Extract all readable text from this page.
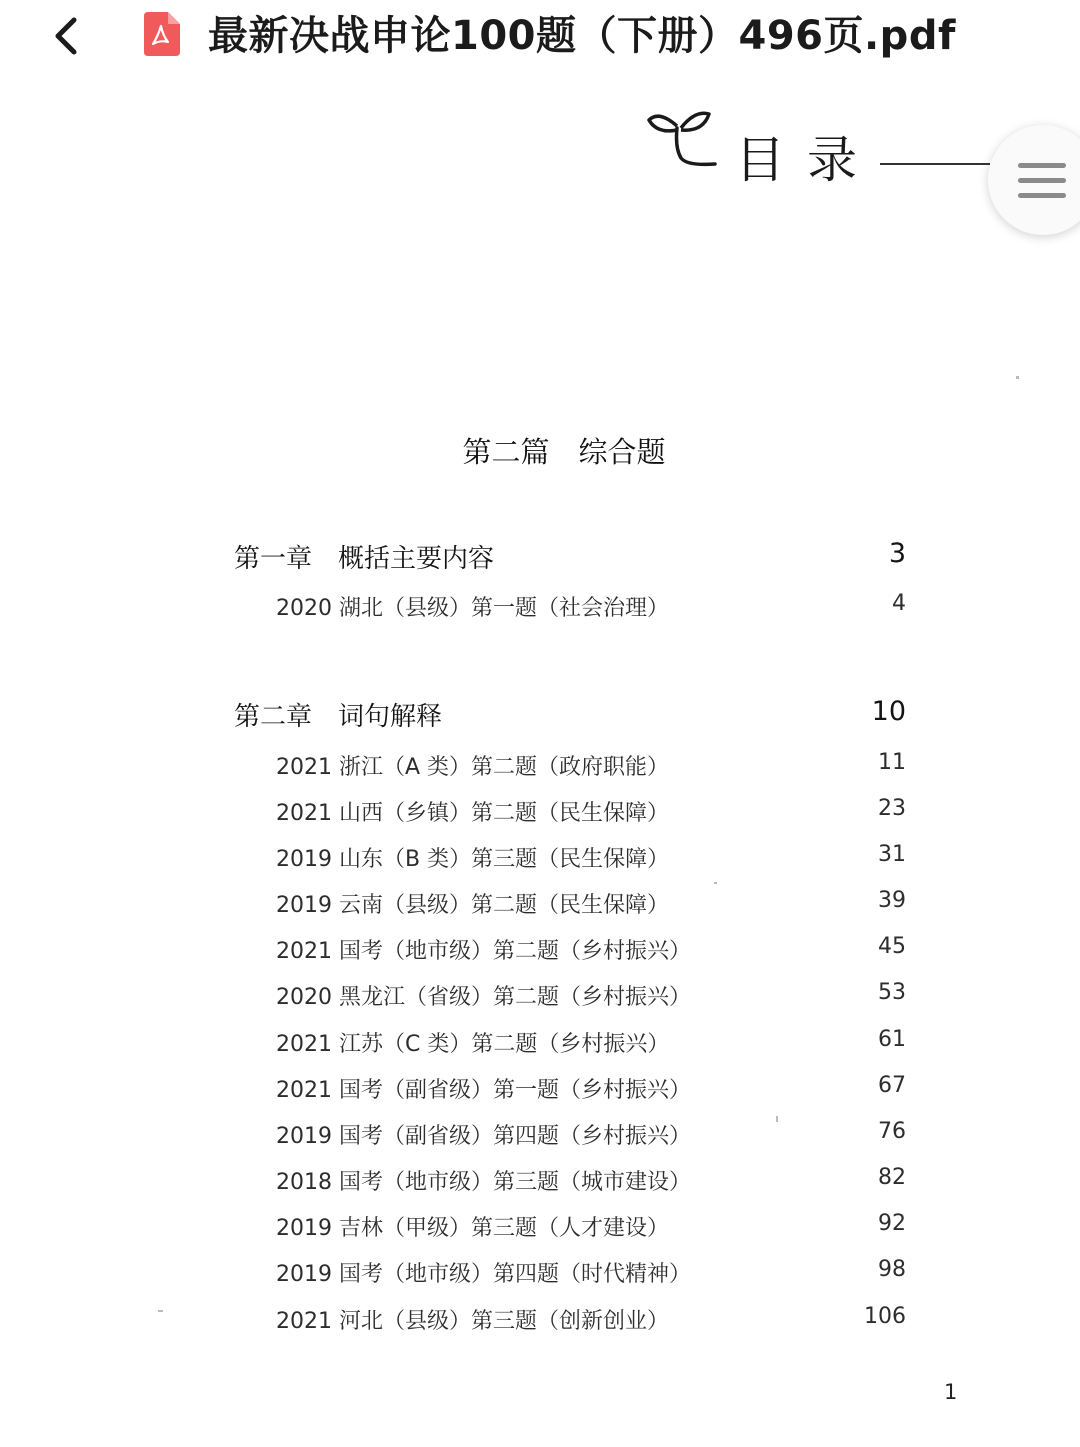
最新决战申论100题（下册）496页.pdf
目录
第二篇　综合题
第一章　概括主要内容	3
2020 湖北（县级）第一题（社会治理）	4
第二章　词句解释	10
2021 浙江（A 类）第二题（政府职能）	11
2021 山西（乡镇）第二题（民生保障）	23
2019 山东（B 类）第三题（民生保障）	31
2019 云南（县级）第二题（民生保障）	39
2021 国考（地市级）第二题（乡村振兴）	45
2020 黑龙江（省级）第二题（乡村振兴）	53
2021 江苏（C 类）第二题（乡村振兴）	61
2021 国考（副省级）第一题（乡村振兴）	67
2019 国考（副省级）第四题（乡村振兴）	76
2018 国考（地市级）第三题（城市建设）	82
2019 吉林（甲级）第三题（人才建设）	92
2019 国考（地市级）第四题（时代精神）	98
2021 河北（县级）第三题（创新创业）	106
1
